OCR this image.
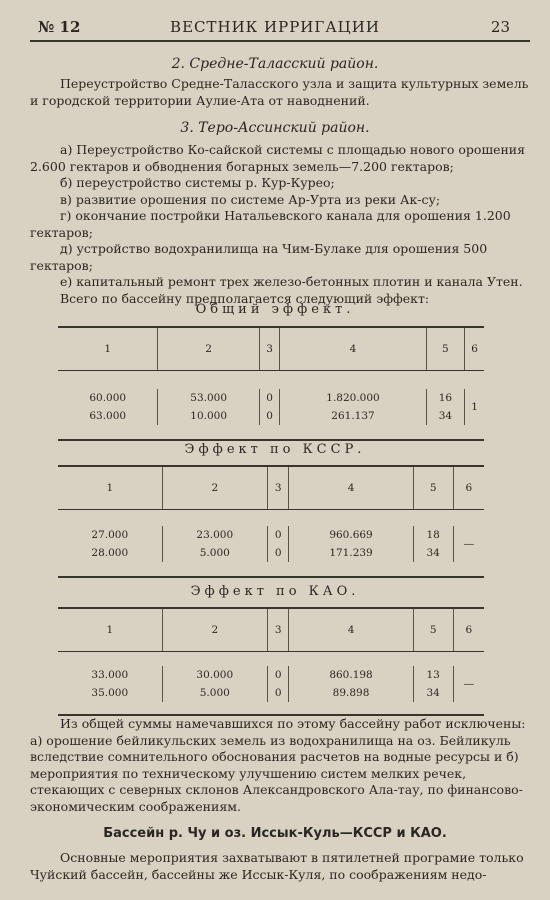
№ 12	ВЕСТНИК ИРРИГАЦИИ	23
2. Средне-Таласский район.
Переустройство Средне-Таласского узла и защита культурных земель и городской территории Аулие-Ата от наводнений.
3. Теро-Ассинский район.
а) Переустройство Ко-сайской системы с площадью нового орошения 2.600 гектаров и обводнения богарных земель—7.200 гектаров;
б) переустройство системы р. Кур-Курео;
в) развитие орошения по системе Ар-Урта из реки Ак-су;
г) окончание постройки Натальевского канала для орошения 1.200 гектаров;
д) устройство водохранилища на Чим-Булаке для орошения 500 гектаров;
е) капитальный ремонт трех железо-бетонных плотин и канала Утен.
Всего по бассейну предполагается следующий эффект:
Общий эффект.
1	2	3	4	5	6

60.000	53.000	0	1.820.000	16	1
63.000	10.000	0	261.137	34	

Эффект по КССР.
1	2	3	4	5	6

27.000	23.000	0	960.669	18	—
28.000	5.000	0	171.239	34	

Эффект по КАО.
1	2	3	4	5	6

33.000	30.000	0	860.198	13	—
35.000	5.000	0	89.898	34	

Из общей суммы намечавшихся по этому бассейну работ исключены: а) орошение бейликульских земель из водохранилища на оз. Бейликуль вследствие сомнительного обоснования расчетов на водные ресурсы и б) мероприятия по техническому улучшению систем мелких речек, стекающих с северных склонов Александровского Ала-тау, по финансово-экономическим соображениям.
Бассейн р. Чу и оз. Иссык-Куль—КССР и КАО.
Основные мероприятия захватывают в пятилетней програмие только Чуйский бассейн, бассейны же Иссык-Куля, по соображениям недо-
